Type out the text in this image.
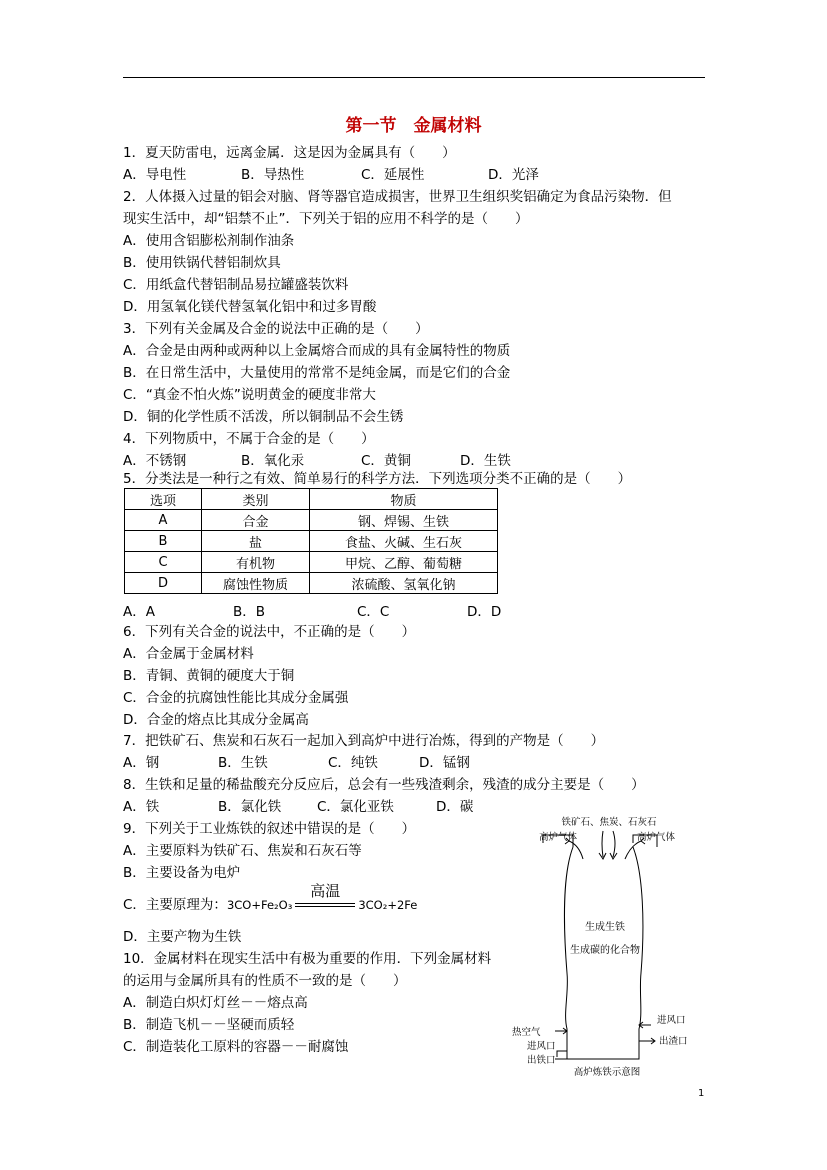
第一节　金属材料
1．夏天防雷电，远离金属．这是因为金属具有（　　）
A．导电性	B．导热性	C．延展性	D．光泽
2．人体摄入过量的铝会对脑、肾等器官造成损害，世界卫生组织奖铝确定为食品污染物．但
现实生活中，却“铝禁不止”．下列关于铝的应用不科学的是（　　）
A．使用含铝膨松剂制作油条
B．使用铁锅代替铝制炊具
C．用纸盒代替铝制品易拉罐盛装饮料
D．用氢氧化镁代替氢氧化铝中和过多胃酸
3．下列有关金属及合金的说法中正确的是（　　）
A．合金是由两种或两种以上金属熔合而成的具有金属特性的物质
B．在日常生活中，大量使用的常常不是纯金属，而是它们的合金
C．“真金不怕火炼”说明黄金的硬度非常大
D．铜的化学性质不活泼，所以铜制品不会生锈
4．下列物质中，不属于合金的是（　　）
A．不锈钢	B．氧化汞	C．黄铜	D．生铁
5．分类法是一种行之有效、简单易行的科学方法．下列选项分类不正确的是（　　）
选项	类别	物质
A	合金	钢、焊锡、生铁
B	盐	食盐、火碱、生石灰
C	有机物	甲烷、乙醇、葡萄糖
D	腐蚀性物质	浓硫酸、氢氧化钠
A．A	B．B	C．C	D．D
6．下列有关合金的说法中，不正确的是（　　）
A．合金属于金属材料
B．青铜、黄铜的硬度大于铜
C．合金的抗腐蚀性能比其成分金属强
D．合金的熔点比其成分金属高
7．把铁矿石、焦炭和石灰石一起加入到高炉中进行冶炼，得到的产物是（　　）
A．钢	B．生铁	C．纯铁	D．锰钢
8．生铁和足量的稀盐酸充分反应后，总会有一些残渣剩余，残渣的成分主要是（　　）
A．铁	B．氯化铁	C．氯化亚铁	D．碳
9．下列关于工业炼铁的叙述中错误的是（　　）
A．主要原料为铁矿石、焦炭和石灰石等
B．主要设备为电炉
C．主要原理为：3CO+Fe₂O₃
高温
3CO₂+2Fe
D．主要产物为生铁
10．金属材料在现实生活中有极为重要的作用．下列金属材料
的运用与金属所具有的性质不一致的是（　　）
A．制造白炽灯灯丝－－熔点高
B．制造飞机－－坚硬而质轻
C．制造装化工原料的容器－－耐腐蚀
铁矿石、焦炭、石灰石
高炉气体	高炉气体
生成生铁
生成碳的化合物
热空气
进风口
进风口
出渣口
出铁口
高炉炼铁示意图
1
